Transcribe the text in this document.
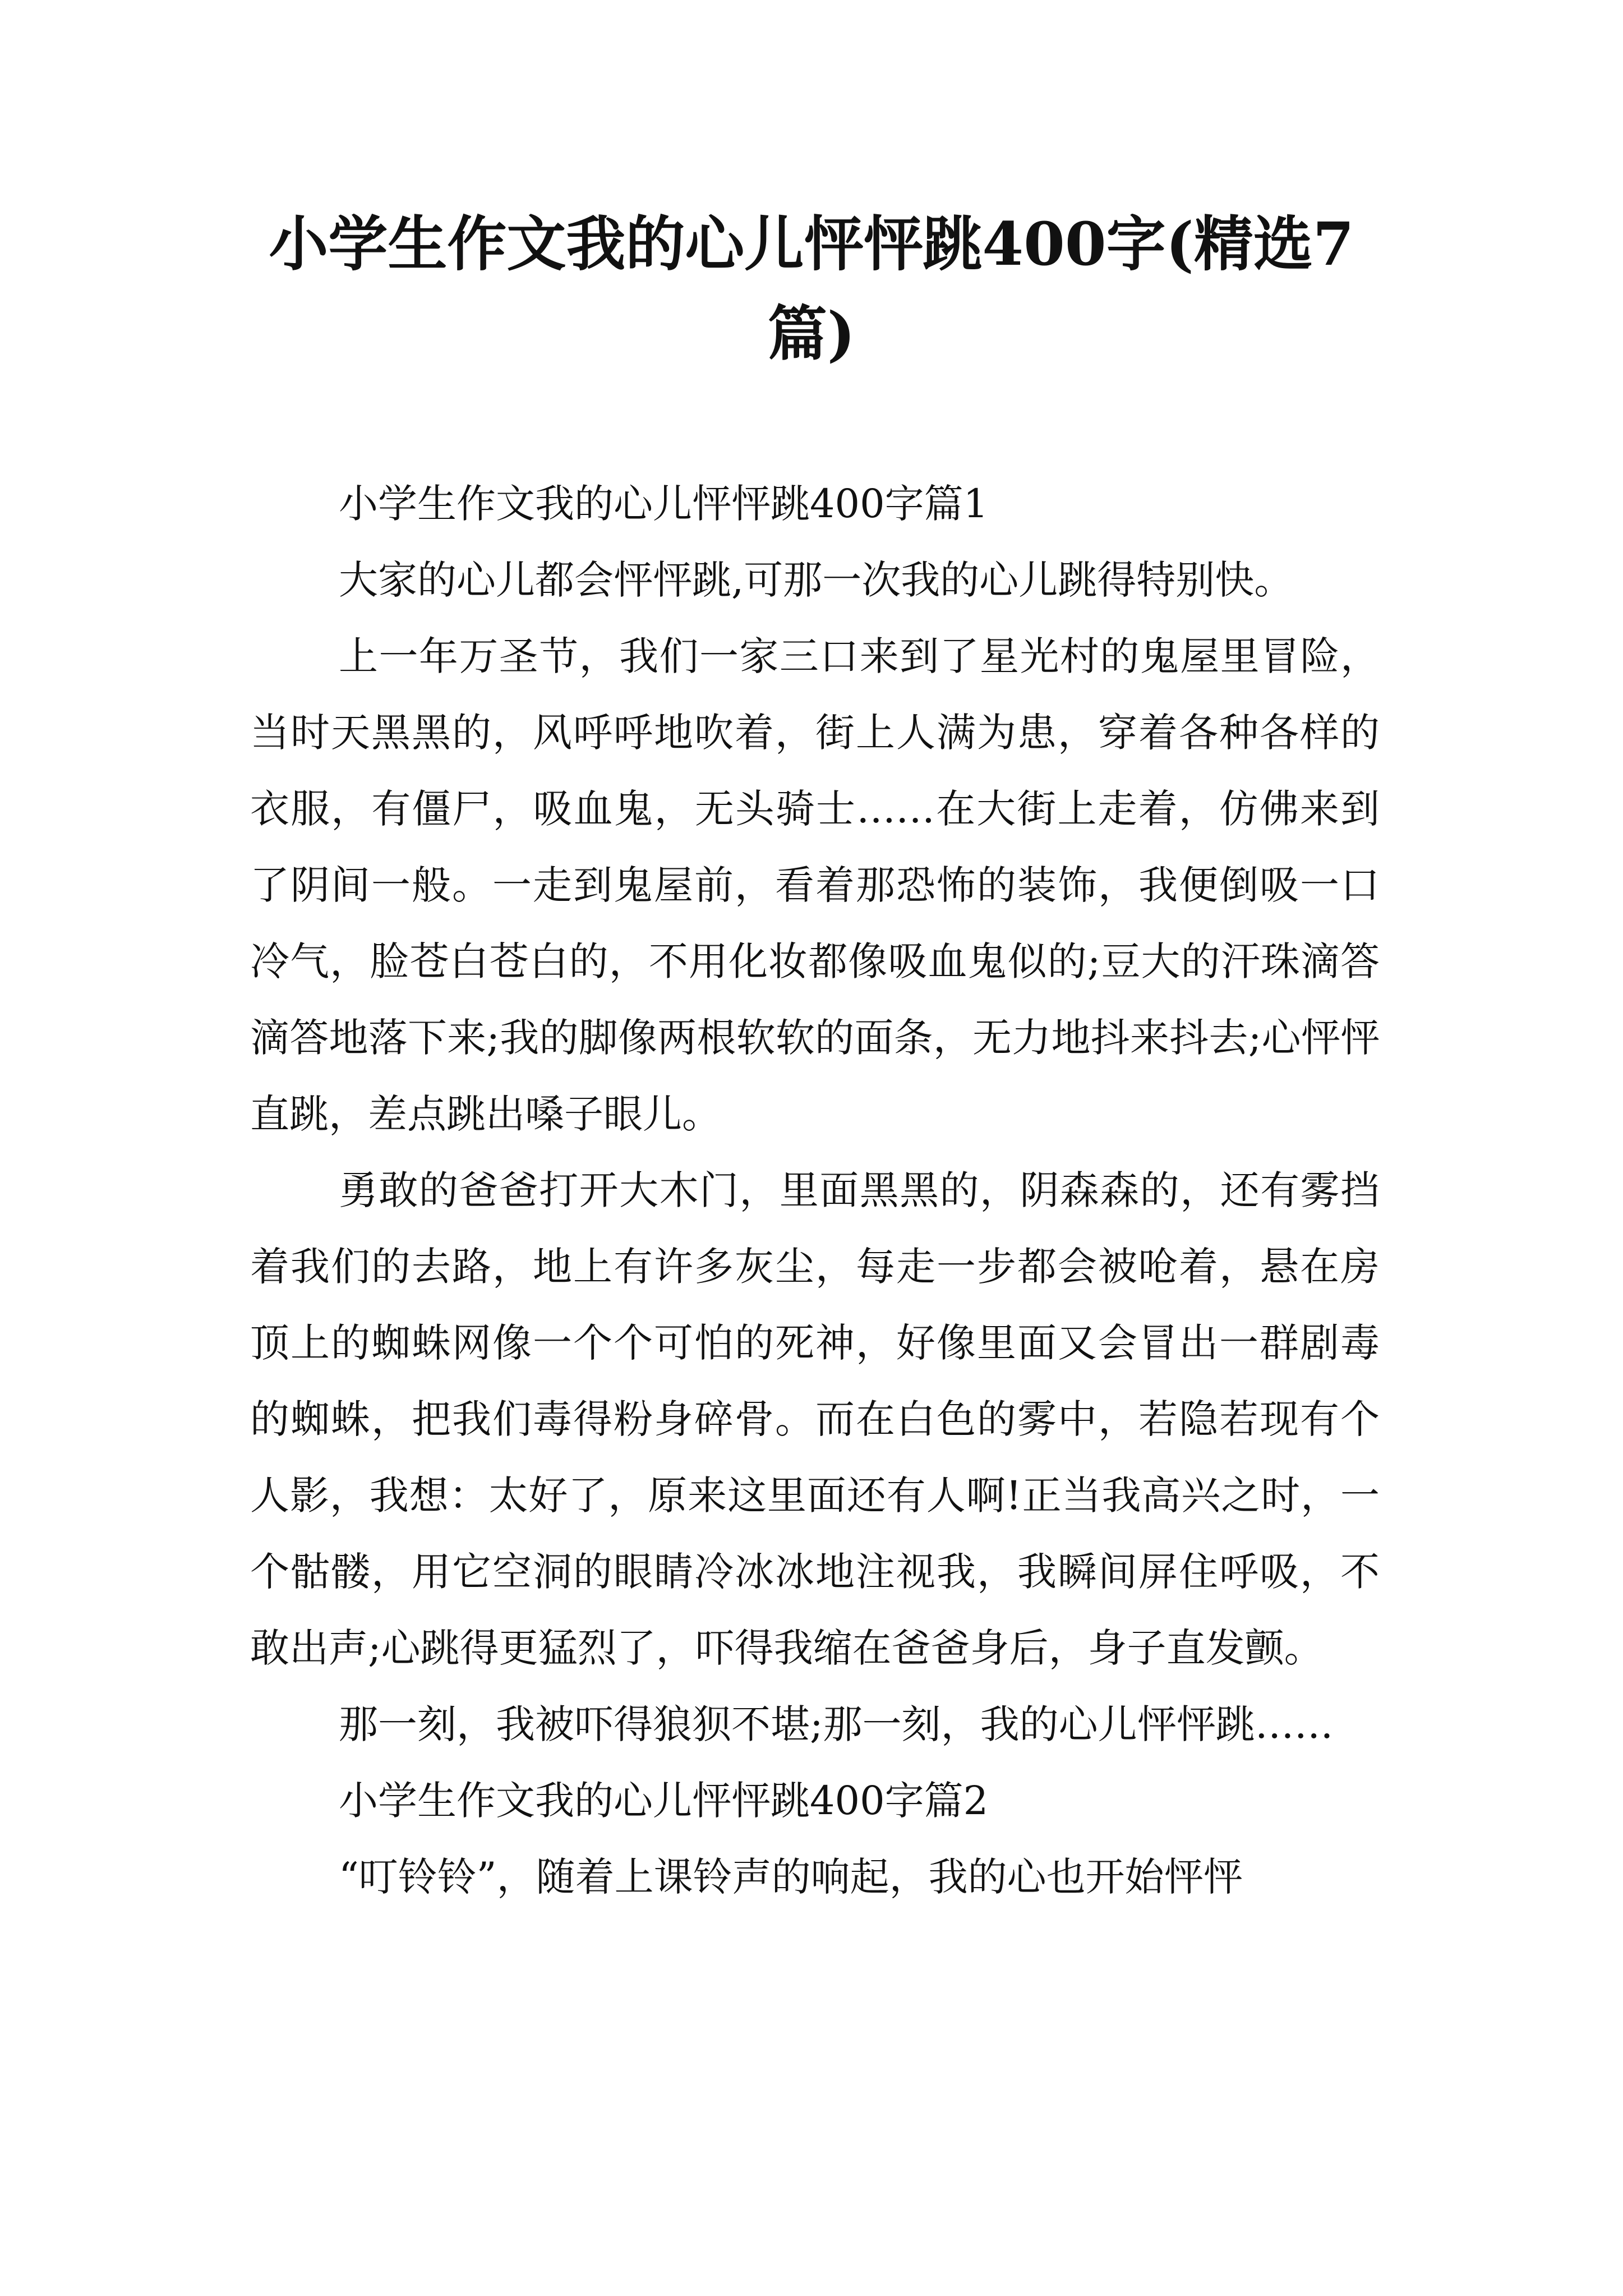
小学生作文我的心儿怦怦跳400字(精选7篇)

小学生作文我的心儿怦怦跳400字篇1

大家的心儿都会怦怦跳,可那一次我的心儿跳得特别快。

上一年万圣节，我们一家三口来到了星光村的鬼屋里冒险，当时天黑黑的，风呼呼地吹着，街上人满为患，穿着各种各样的衣服，有僵尸，吸血鬼，无头骑士……在大街上走着，仿佛来到了阴间一般。一走到鬼屋前，看着那恐怖的装饰，我便倒吸一口冷气，脸苍白苍白的，不用化妆都像吸血鬼似的;豆大的汗珠滴答滴答地落下来;我的脚像两根软软的面条，无力地抖来抖去;心怦怦直跳，差点跳出嗓子眼儿。

勇敢的爸爸打开大木门，里面黑黑的，阴森森的，还有雾挡着我们的去路，地上有许多灰尘，每走一步都会被呛着，悬在房顶上的蜘蛛网像一个个可怕的死神，好像里面又会冒出一群剧毒的蜘蛛，把我们毒得粉身碎骨。而在白色的雾中，若隐若现有个人影，我想：太好了，原来这里面还有人啊!正当我高兴之时，一个骷髅，用它空洞的眼睛冷冰冰地注视我，我瞬间屏住呼吸，不敢出声;心跳得更猛烈了，吓得我缩在爸爸身后，身子直发颤。

那一刻，我被吓得狼狈不堪;那一刻，我的心儿怦怦跳……

小学生作文我的心儿怦怦跳400字篇2

“叮铃铃”，随着上课铃声的响起，我的心也开始怦怦
